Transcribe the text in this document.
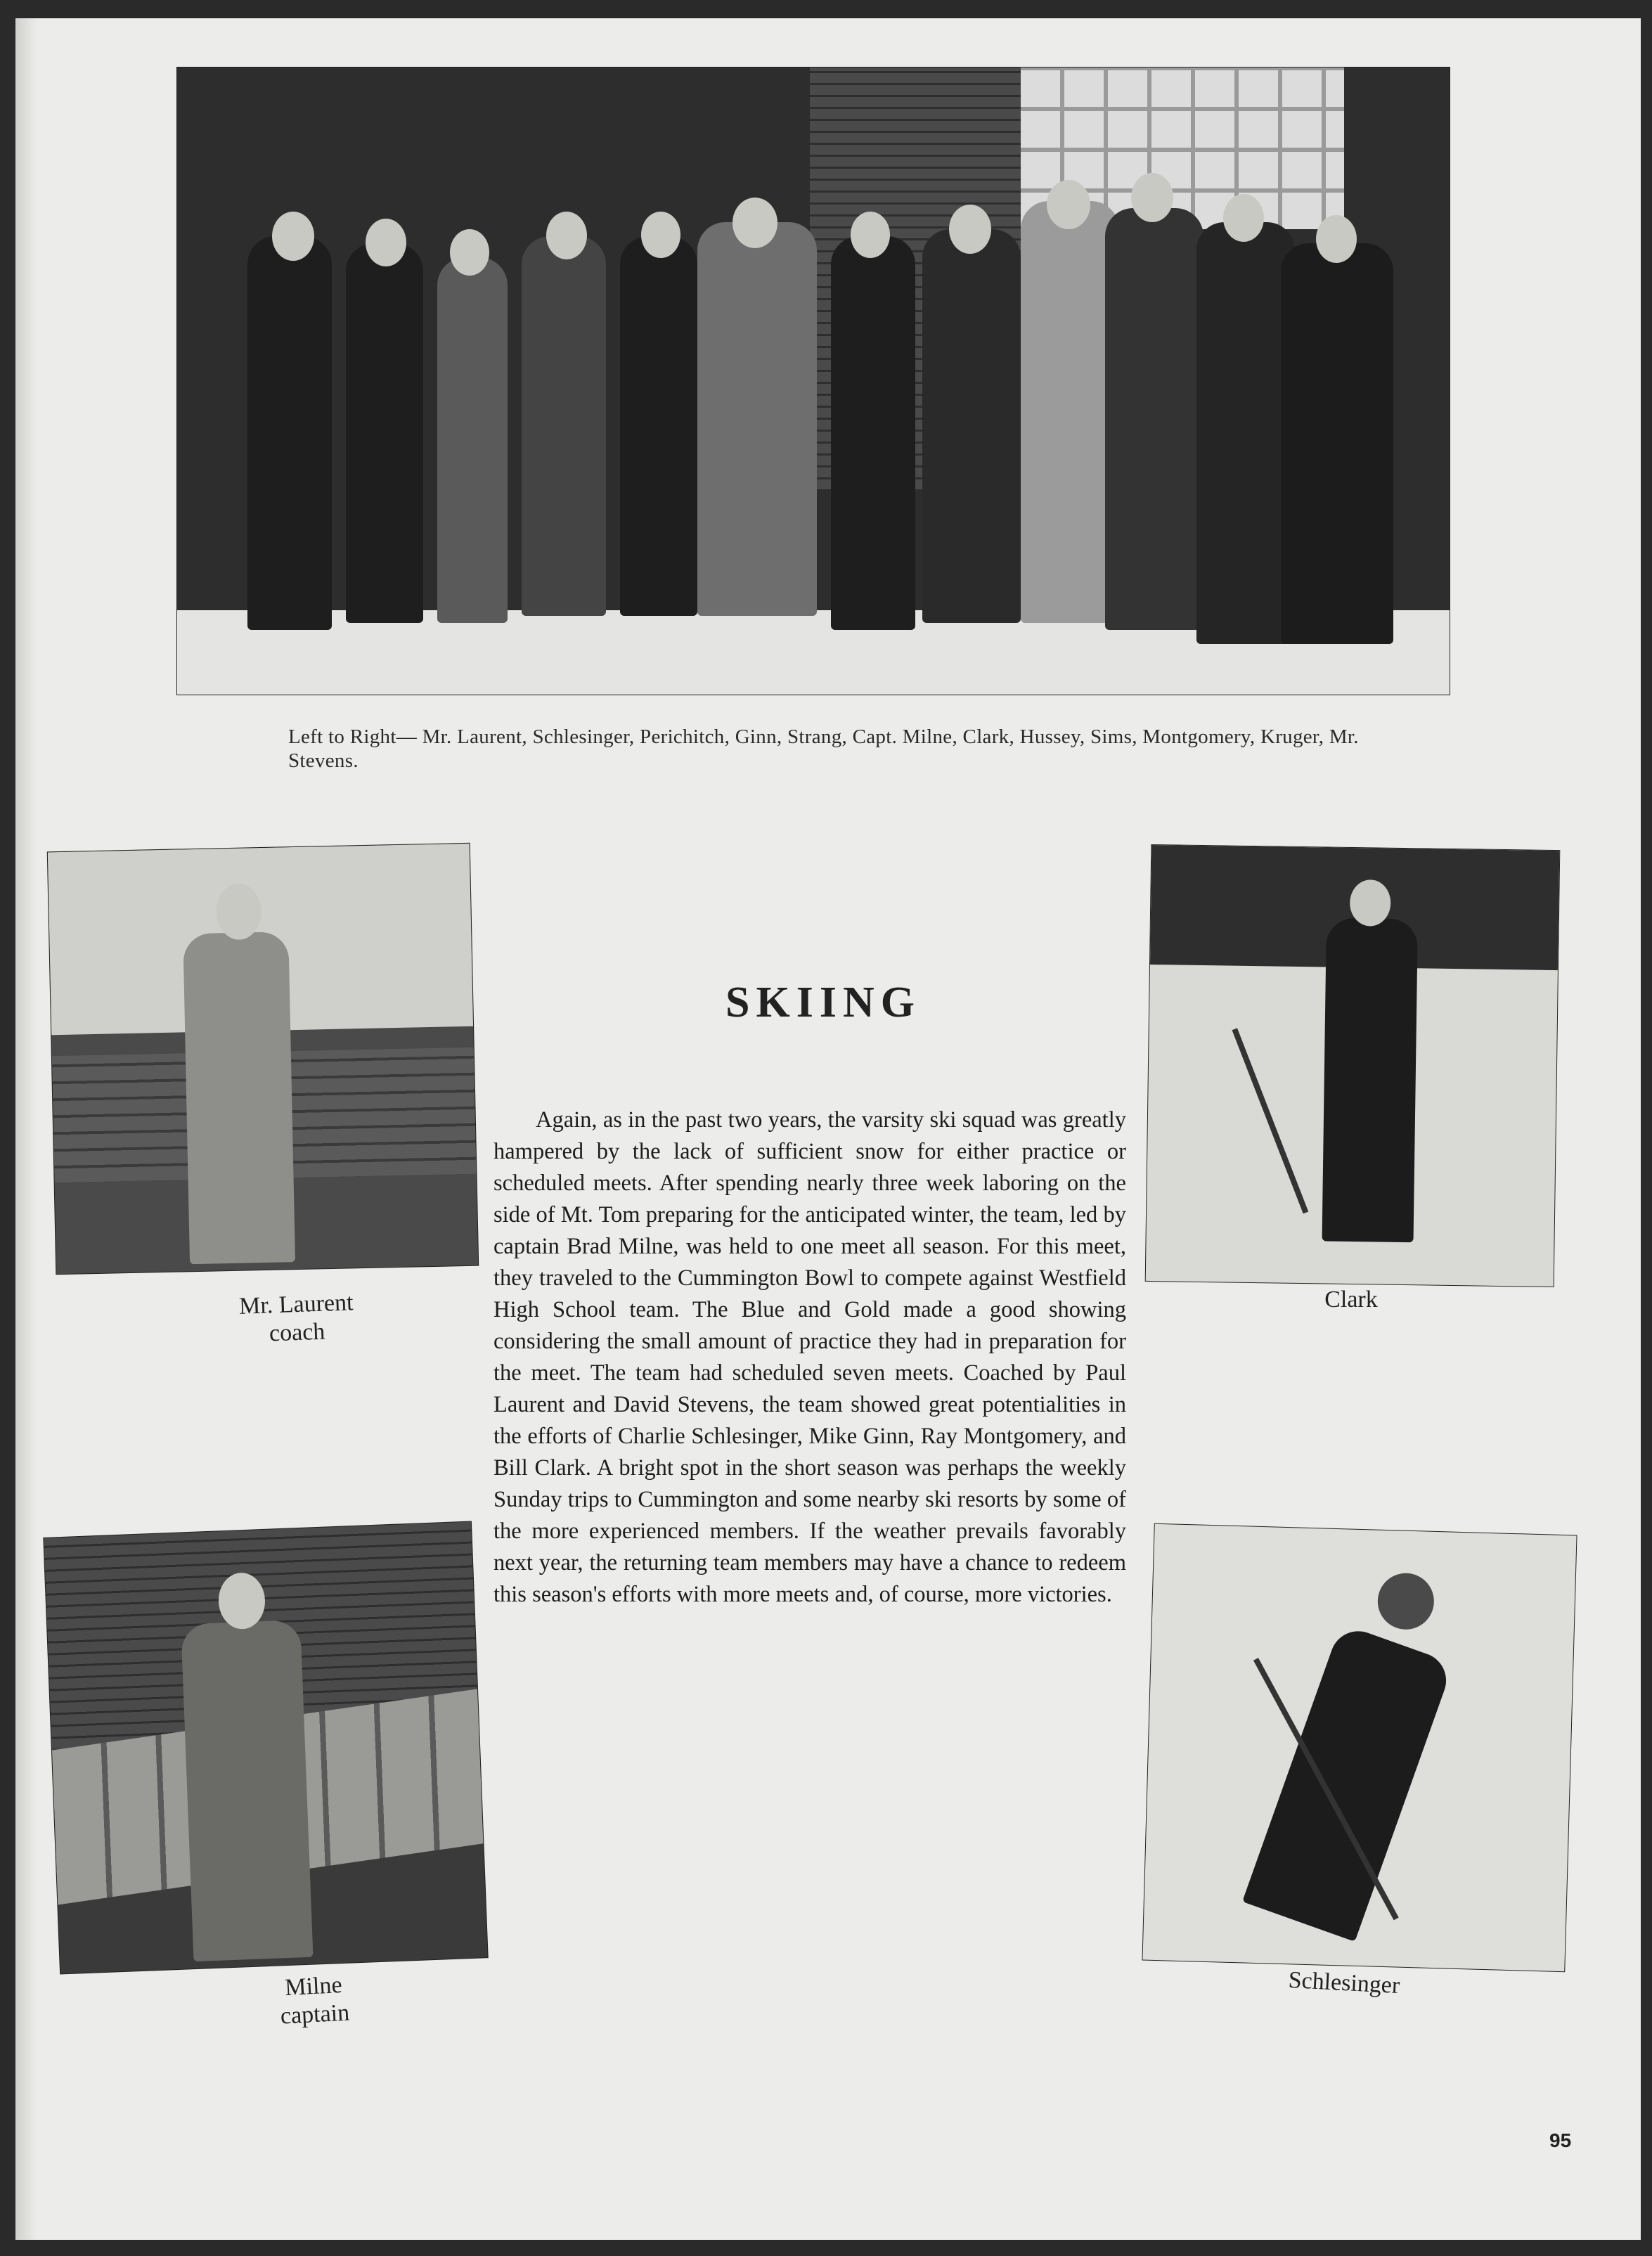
Left to Right— Mr. Laurent, Schlesinger, Perichitch, Ginn, Strang, Capt. Milne, Clark, Hussey, Sims, Montgomery, Kruger, Mr. Stevens.
Mr. Laurent
coach
Clark
SKIING

Again, as in the past two years, the varsity ski squad was greatly hampered by the lack of sufficient snow for either practice or scheduled meets. After spending nearly three week laboring on the side of Mt. Tom preparing for the anticipated winter, the team, led by captain Brad Milne, was held to one meet all season. For this meet, they traveled to the Cummington Bowl to compete against Westfield High School team. The Blue and Gold made a good showing considering the small amount of practice they had in preparation for the meet. The team had scheduled seven meets. Coached by Paul Laurent and David Stevens, the team showed great potentialities in the efforts of Charlie Schlesinger, Mike Ginn, Ray Montgomery, and Bill Clark. A bright spot in the short season was perhaps the weekly Sunday trips to Cummington and some nearby ski resorts by some of the more experienced members. If the weather prevails favorably next year, the returning team members may have a chance to redeem this season's efforts with more meets and, of course, more victories.

Milne
captain
Schlesinger
95
